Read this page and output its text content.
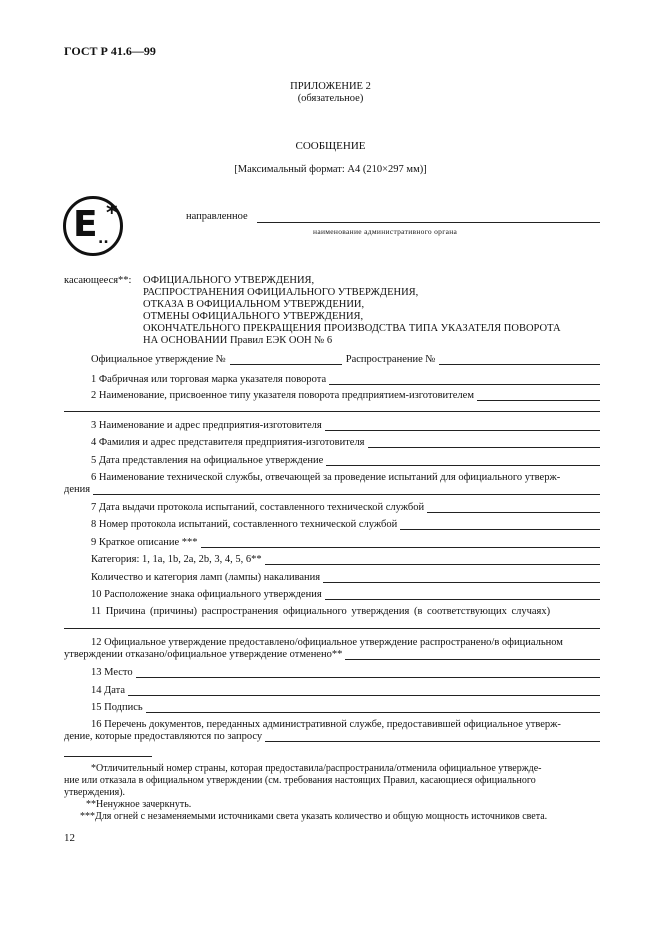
ГОСТ Р 41.6—99
ПРИЛОЖЕНИЕ 2
(обязательное)
СООБЩЕНИЕ
[Максимальный формат: А4 (210×297 мм)]
E ..
*	направленное
наименование административного органа
касающееся**: ОФИЦИАЛЬНОГО УТВЕРЖДЕНИЯ,
РАСПРОСТРАНЕНИЯ ОФИЦИАЛЬНОГО УТВЕРЖДЕНИЯ,
ОТКАЗА В ОФИЦИАЛЬНОМ УТВЕРЖДЕНИИ,
ОТМЕНЫ ОФИЦИАЛЬНОГО УТВЕРЖДЕНИЯ,
ОКОНЧАТЕЛЬНОГО ПРЕКРАЩЕНИЯ ПРОИЗВОДСТВА ТИПА УКАЗАТЕЛЯ ПОВОРОТА
НА ОСНОВАНИИ Правил ЕЭК ООН № 6
Официальное утверждение №	Распространение №
1 Фабричная или торговая марка указателя поворота
2 Наименование, присвоенное типу указателя поворота предприятием-изготовителем
3 Наименование и адрес предприятия-изготовителя
4 Фамилия и адрес представителя предприятия-изготовителя
5 Дата представления на официальное утверждение
6 Наименование технической службы, отвечающей за проведение испытаний для официального утверж-
дения
7 Дата выдачи протокола испытаний, составленного технической службой
8 Номер протокола испытаний, составленного технической службой
9 Краткое описание ***
Категория: 1, 1a, 1b, 2a, 2b, 3, 4, 5, 6**
Количество и категория ламп (лампы) накаливания
10 Расположение знака официального утверждения
11 Причина (причины) распространения официального утверждения (в соответствующих случаях)
12 Официальное утверждение предоставлено/официальное утверждение распространено/в официальном
утверждении отказано/официальное утверждение отменено**
13 Место
14 Дата
15 Подпись
16 Перечень документов, переданных административной службе, предоставившей официальное утверж-
дение, которые предоставляются по запросу
*Отличительный номер страны, которая предоставила/распространила/отменила официальное утвержде-
ние или отказала в официальном утверждении (см. требования настоящих Правил, касающиеся официального
утверждения).
**Ненужное зачеркнуть.
***Для огней с незаменяемыми источниками света указать количество и общую мощность источников света.
12
